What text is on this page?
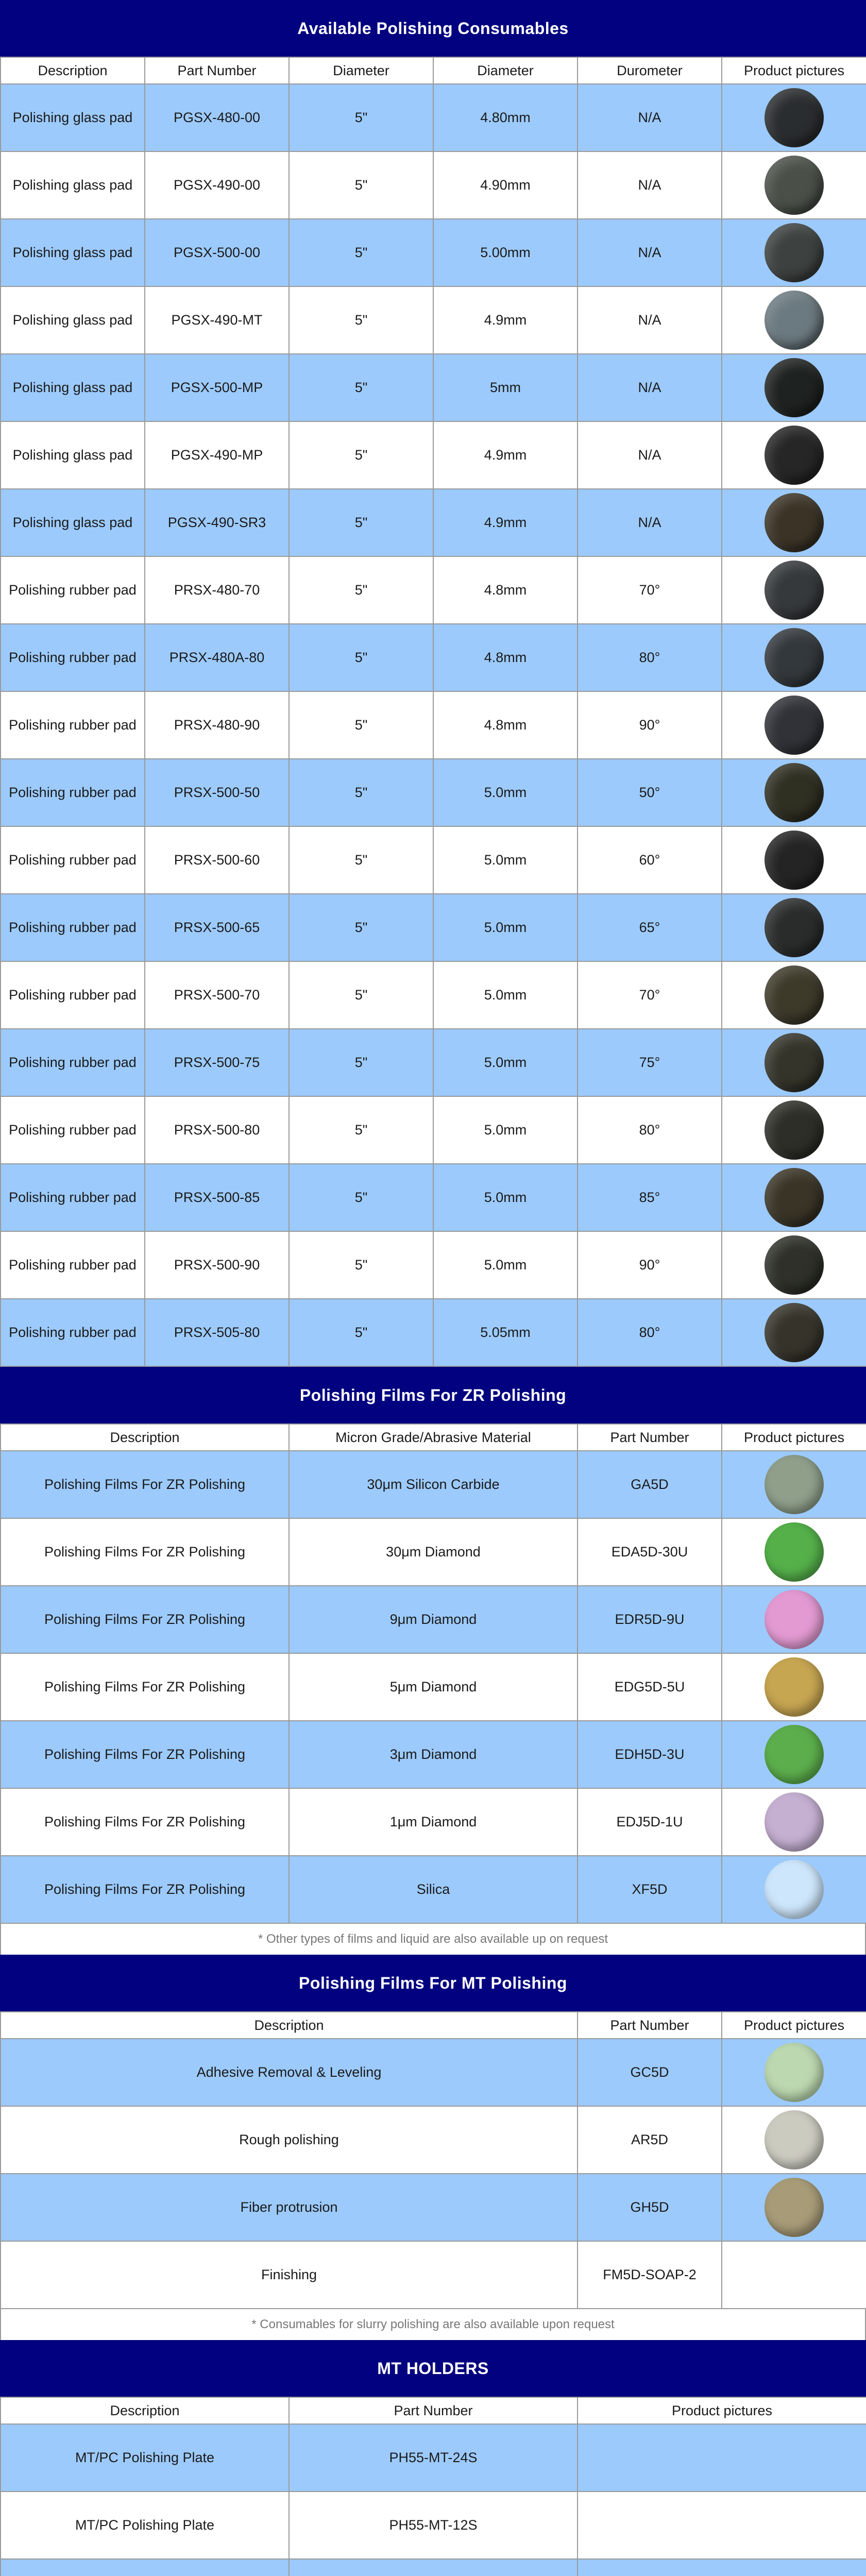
Available Polishing Consumables
Description	Part Number	Diameter	Diameter	Durometer	Product pictures
Polishing glass pad	PGSX-480-00	5"	4.80mm	N/A	
Polishing glass pad	PGSX-490-00	5"	4.90mm	N/A	
Polishing glass pad	PGSX-500-00	5"	5.00mm	N/A	
Polishing glass pad	PGSX-490-MT	5"	4.9mm	N/A	
Polishing glass pad	PGSX-500-MP	5"	5mm	N/A	
Polishing glass pad	PGSX-490-MP	5"	4.9mm	N/A	
Polishing glass pad	PGSX-490-SR3	5"	4.9mm	N/A	
Polishing rubber pad	PRSX-480-70	5"	4.8mm	70°	
Polishing rubber pad	PRSX-480A-80	5"	4.8mm	80°	
Polishing rubber pad	PRSX-480-90	5"	4.8mm	90°	
Polishing rubber pad	PRSX-500-50	5"	5.0mm	50°	
Polishing rubber pad	PRSX-500-60	5"	5.0mm	60°	
Polishing rubber pad	PRSX-500-65	5"	5.0mm	65°	
Polishing rubber pad	PRSX-500-70	5"	5.0mm	70°	
Polishing rubber pad	PRSX-500-75	5"	5.0mm	75°	
Polishing rubber pad	PRSX-500-80	5"	5.0mm	80°	
Polishing rubber pad	PRSX-500-85	5"	5.0mm	85°	
Polishing rubber pad	PRSX-500-90	5"	5.0mm	90°	
Polishing rubber pad	PRSX-505-80	5"	5.05mm	80°	
Polishing Films For ZR Polishing
Description	Micron Grade/Abrasive Material	Part Number	Product pictures
Polishing Films For ZR Polishing	30μm Silicon Carbide	GA5D	
Polishing Films For ZR Polishing	30μm Diamond	EDA5D-30U	
Polishing Films For ZR Polishing	9μm Diamond	EDR5D-9U	
Polishing Films For ZR Polishing	5μm Diamond	EDG5D-5U	
Polishing Films For ZR Polishing	3μm Diamond	EDH5D-3U	
Polishing Films For ZR Polishing	1μm Diamond	EDJ5D-1U	
Polishing Films For ZR Polishing	Silica	XF5D	
* Other types of films and liquid are also available up on request
Polishing Films For MT Polishing
Description	Part Number	Product pictures
Adhesive Removal & Leveling	GC5D	
Rough polishing	AR5D	
Fiber protrusion	GH5D	
Finishing	FM5D-SOAP-2	
* Consumables for slurry polishing are also available upon request
MT HOLDERS
Description	Part Number	Product pictures
MT/PC Polishing Plate	PH55-MT-24S	
MT/PC Polishing Plate	PH55-MT-12S	
